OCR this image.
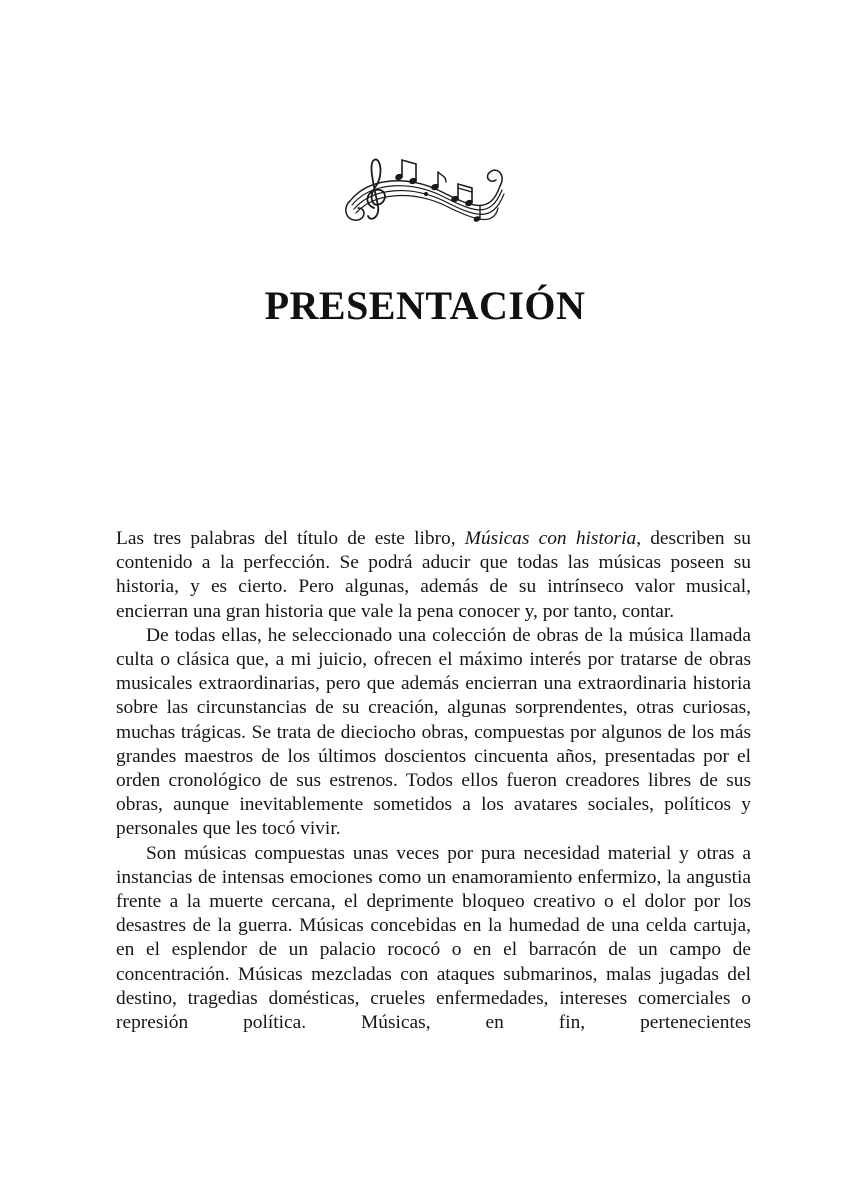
PRESENTACIÓN

Las tres palabras del título de este libro, Músicas con historia, describen su contenido a la perfección. Se podrá aducir que todas las músicas poseen su historia, y es cierto. Pero algunas, además de su intrínseco valor musical, encierran una gran historia que vale la pena conocer y, por tanto, contar.

De todas ellas, he seleccionado una colección de obras de la música llamada culta o clásica que, a mi juicio, ofrecen el máximo interés por tratarse de obras musicales extraordinarias, pero que además encierran una extraordinaria historia sobre las circunstancias de su creación, algunas sorprendentes, otras curiosas, muchas trágicas. Se trata de dieciocho obras, compuestas por algunos de los más grandes maestros de los últimos doscientos cincuenta años, presentadas por el orden cronológico de sus estrenos. Todos ellos fueron creadores libres de sus obras, aunque inevitablemente sometidos a los avatares sociales, políticos y personales que les tocó vivir.

Son músicas compuestas unas veces por pura necesidad material y otras a instancias de intensas emociones como un enamoramiento enfermizo, la angustia frente a la muerte cercana, el deprimente bloqueo creativo o el dolor por los desastres de la guerra. Músicas concebidas en la humedad de una celda cartuja, en el esplendor de un palacio rococó o en el barracón de un campo de concentración. Músicas mezcladas con ataques submarinos, malas jugadas del destino, tragedias domésticas, crueles enfermedades, intereses comerciales o represión política. Músicas, en fin, pertenecientes
